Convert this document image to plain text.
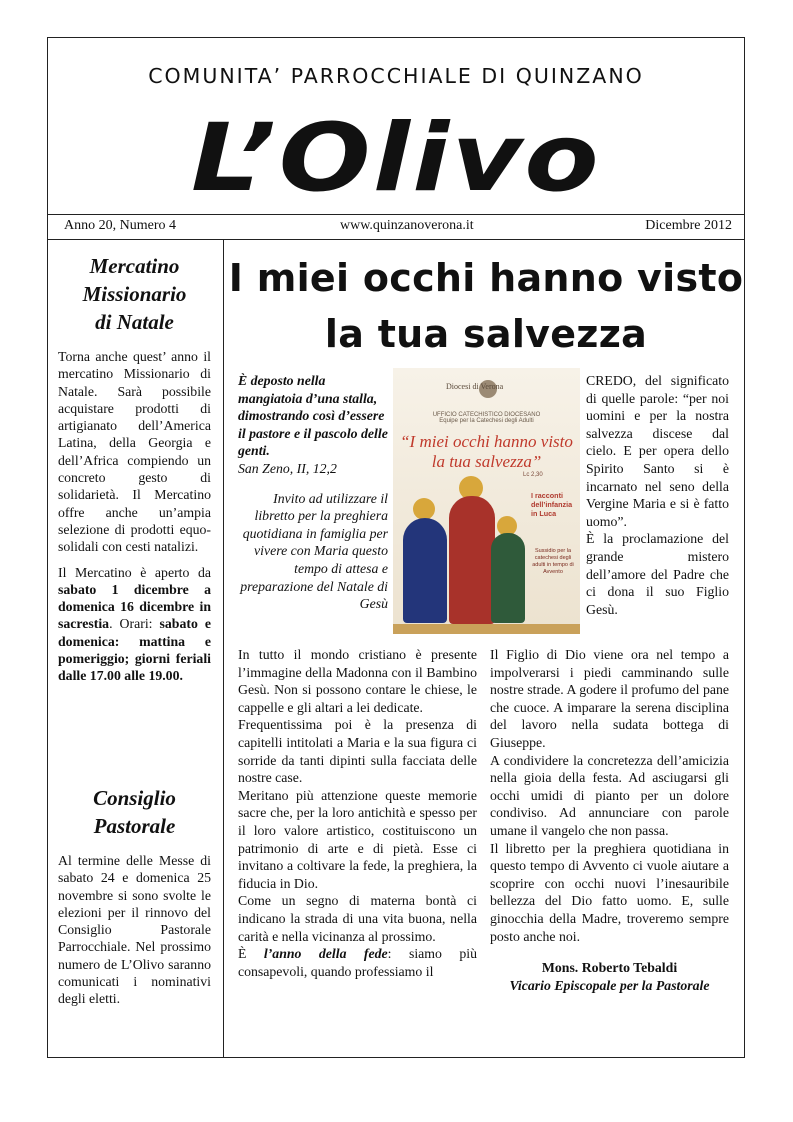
COMUNITA’ PARROCCHIALE DI QUINZANO
L’Olivo
Anno 20, Numero 4	www.quinzanoverona.it	Dicembre 2012
Mercatino
Missionario
di Natale

Torna anche quest’ anno il mercatino Missionario di Natale. Sarà possibile acquistare prodotti di artigianato dell’America Latina, della Georgia e dell’Africa compiendo un concreto gesto di solidarietà. Il Mercatino offre anche un’ampia selezione di prodotti equo-solidali con cesti natalizi.

Il Mercatino è aperto da sabato 1 dicembre a domenica 16 dicembre in sacrestia. Orari: sabato e domenica: mattina e pomeriggio; giorni feriali dalle 17.00 alle 19.00.

Consiglio
Pastorale

Al termine delle Messe di sabato 24 e domenica 25 novembre si sono svolte le elezioni per il rinnovo del Consiglio Pastorale Parrocchiale. Nel prossimo numero de L’Olivo saranno comunicati i nominativi degli eletti.

I miei occhi hanno visto
la tua salvezza

È deposto nella mangiatoia d’una stalla, dimostrando così d’essere il pastore e il pascolo delle genti.

San Zeno, II, 12,2

Invito ad utilizzare il libretto per la preghiera quotidiana in famiglia per vivere con Maria questo tempo di attesa e preparazione del Natale di Gesù

Diocesi di Verona
UFFICIO CATECHISTICO DIOCESANO
Equipe per la Catechesi degli Adulti
“I miei occhi hanno visto la tua salvezza”
Lc 2,30
I racconti dell’infanzia in Luca
Sussidio per la catechesi degli adulti in tempo di Avvento

CREDO, del significato di quelle parole: “per noi uomini e per la nostra salvezza discese dal cielo. E per opera dello Spirito Santo si è incarnato nel seno della Vergine Maria e si è fatto uomo”.

È la proclamazione del grande mistero dell’amore del Padre che ci dona il suo Figlio Gesù.

In tutto il mondo cristiano è presente l’immagine della Madonna con il Bambino Gesù. Non si possono contare le chiese, le cappelle e gli altari a lei dedicate.

Frequentissima poi è la presenza di capitelli intitolati a Maria e la sua figura ci sorride da tanti dipinti sulla facciata delle nostre case.

Meritano più attenzione queste memorie sacre che, per la loro antichità e spesso per il loro valore artistico, costituiscono un patrimonio di arte e di pietà. Esse ci invitano a coltivare la fede, la preghiera, la fiducia in Dio.

Come un segno di materna bontà ci indicano la strada di una vita buona, nella carità e nella vicinanza al prossimo.

È l’anno della fede: siamo più consapevoli, quando professiamo il

Il Figlio di Dio viene ora nel tempo a impolverarsi i piedi camminando sulle nostre strade. A godere il profumo del pane che cuoce. A imparare la serena disciplina del lavoro nella sudata bottega di Giuseppe.

A condividere la concretezza dell’amicizia nella gioia della festa. Ad asciugarsi gli occhi umidi di pianto per un dolore condiviso. Ad annunciare con parole umane il vangelo che non passa.

Il libretto per la preghiera quotidiana in questo tempo di Avvento ci vuole aiutare a scoprire con occhi nuovi l’inesauribile bellezza del Dio fatto uomo. E, sulle ginocchia della Madre, troveremo sempre posto anche noi.

Mons. Roberto Tebaldi

Vicario Episcopale per la Pastorale
